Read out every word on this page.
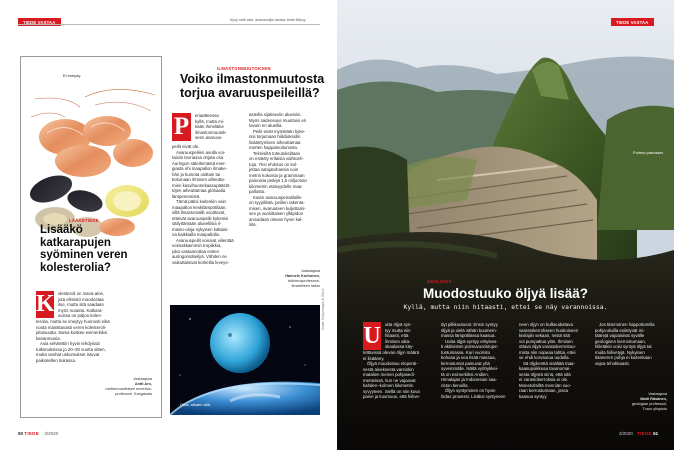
TIEDE VASTAA	Kysy mitä vain, asiantuntija vastaa: tiede.fi/kysy
Ei imeydy.
LÄÄKETIEDE
Lisääkö katkarapujen syöminen veren kolesterolia?
K olesteroli on rasva-aine,
jota elimistö muodostaa
itse, mutta sitä saadaan
myös ruoasta. Katkara-
vuissa on paljon koles-
terolia, mutta se imeytyy huonosti eikä
nosta mainittavasti veren kolesteroli-
pitoisuutta. Sama koskee esimerkiksi
kananmunia.
Asia selvitettiin hyvin tehdyissä
tutkimuksissa jo 20–30 vuotta sitten,
mutta vanhat uskomukset istuvat
paikoitellen tiukassa.
Vastaajana
Antti Aro,
ravitsemustieteen emeritus-
professori, Kangasala
ILMASTONMUUTOKSEN
Voiko ilmastonmuutosta torjua avaruuspeileillä?
P	eriaatteessa
kyllä, mutta mi-
kään ihmeläike
ilmastonmuutok-
seen avaruus-
peilit eivät ole.
Avaruuspeilien avulla voi-
taisiin teoriassa ohjata osa
Auringon säteilemästä ener-
giasta ohi maapallon ilmake-
hän ja kumota osittain tai
kokonaan ihmisen aiheutta-
mien kasvihuonekaasupäästö-
töjen aiheuttamaa globaalia
lämpenemistä.
Tämä pätisi kuitenkin vain
maapallon keskilämpötilaan,
sillä ilmastomallit osoittavat,
etteivät avaruuspeilit kykenisi
säilyttämään alueellisia il-
masto-oloja nykyisen kaltaisi-
na kaikkialla maapallolla.
Avaruuspeilit voisivat viilentää
voimakkaimmin tropiikkia,
joka vastaanottaa eniten
auringonsäteilyä. Vähiten ne
vaikuttaisivat korkeilla leveys-
asteilla sijaitseviin alueisiin.
Myös sadeosuus muuttuisi eri
tavoin eri alueilla.
Peilit eivät myöskään kyke-
nisi torjumaan hiilidioksidin
lisääntymisen aiheuttamaa
merten happamoitumista.
Teknisiltä toteutuksiltaan
on esitetty erilaisia vaihtoeh-
toja. Yksi ehdotus on kul-
jettaa satojatuhansia noin
metrin kokoisia ja grammaan
painoisia peilejä 1,5 miljoonan
kilometrin etäisyydelle maa-
pallosta.
Kuten avaruuspeiratiloille
on tyypillistä, peilien rakenta-
misen, avaruuteen kuljettami-
sen ja vuosittaisen ylläpidon
arvioidaan olevan hyvin kal-
liita.
Vastaajana
Hannele Korhonen,
tutkimusprofessori,
Ilmatieteen laitos
Otsa, alkaen sitä.
Kuvat: Getty Images & iStock
50 TIEDE 3/2020
TIEDE VASTAA
Puimut panosset
GEOLOGIA
Muodostuuko öljyä lisää?
Kyllä, mutta niin hitaasti, ettei se näy varannoissa.
U utta öljyä syn-
tyy mutta niin
hitaasti, että
ihmisen aika-
skaalassa käy-
tettävissä olevan öljyn määrä
ei lisäänny.
Öljyä muodostuu eloperäi-
sestä aineksesta varsinkin
matalien merien pohjasedi-
menteissä, kun ne vajoavat
kahden–kolmen kilometrin
syvyyteen. Siellä on niin kova
paine ja kuumuus, että hiilive-
dyt pilkkoutuvat. Ensin syntyy
öljyä ja vielä vähän kuumem-
massa lämpötilassa kaasua.
Uutta öljyä syntyy erityises-
ti aktiivisten poimuvuoristojen
tuntumassa. Kuri vuoristo
kohoaa ja sea lisää massaa,
kerrostumat painuvat yhä
syvemmälle. Näitä vyöhykkei-
tä on esimerkiksi Andien,
Himalajan ja Indonesian saa-
riston tienoilla.
Öljyn syntyminen on hyvin
hidas prosessi. Lisäksi syntyneen
neen öljyn on kulkeuduttava
varastokerrokseen huokoiseen
kivilajiin sekaan, mistä sitä
voi pumpattua ylös. Ihmisen
ottava öljyä varastokerrostuo-
mista niin nopeaa tahtia, ettei
se ehdi korvautua uudella.
Sä öljykenttä sisältää maa-
kaasupoikkeaa tavanomai-
sesta öljystä siinä, että sitä
ei varastokerroksia ei ole.
Monetolmiltä menniän suo-
raan kerrostumaan, jossa
kaasua syntyy.
Jos tämmönen happottomilla
pohja-aluilla esiintyvät mi-
täärejä vajoaisivat syvälle
geologisen kierrostumaan,
hiiletäkin voisi syntyä öljyä tai
muita hiilivetyjä. Nykyinen
tiäneeren pohja ei kuitenkaan
vajoa tehokkaasti.
Vastaajana
Matti Räsänen,
geologian professori,
Turun yliopisto
3/2020 TIEDE 51
